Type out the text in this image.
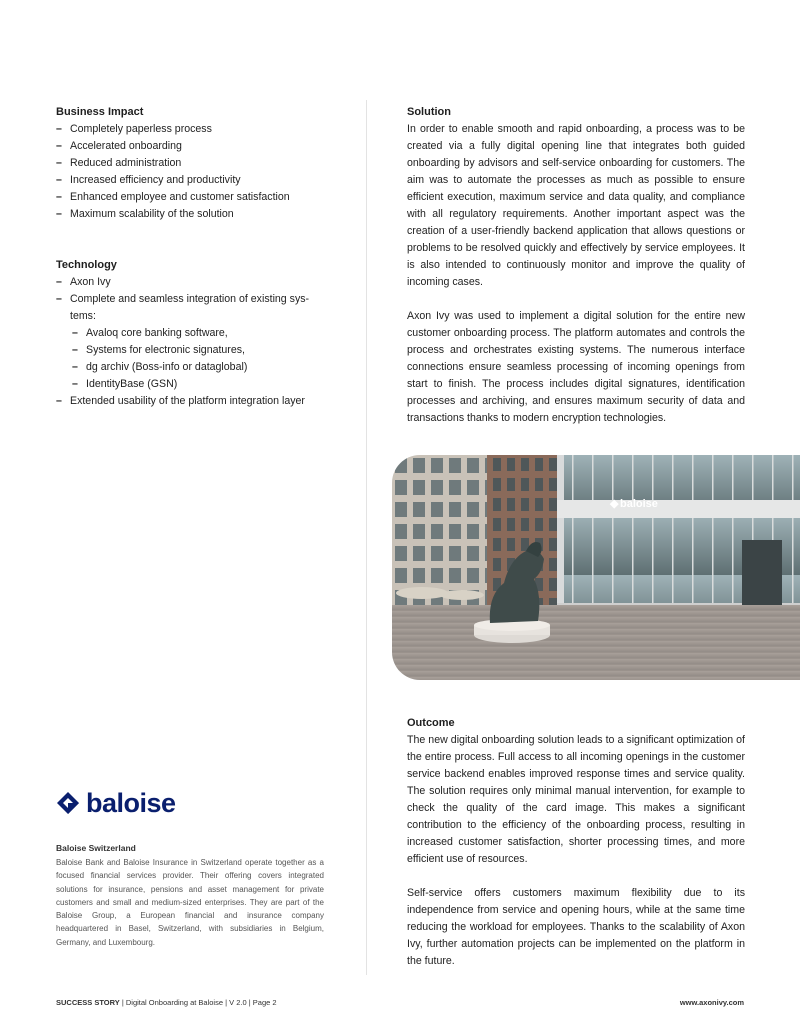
Business Impact

– Completely paperless process
– Accelerated onboarding
– Reduced administration
– Increased efficiency and productivity
– Enhanced employee and customer satisfaction
– Maximum scalability of the solution

Technology

– Axon Ivy
– Complete and seamless integration of existing sys-
tems:
– Avaloq core banking software,
– Systems for electronic signatures,
– dg archiv (Boss-info or dataglobal)
– IdentityBase (GSN)
– Extended usability of the platform integration layer

Solution

In order to enable smooth and rapid onboarding, a process was to be created via a fully digital opening line that integrates both guided onboarding by advisors and self-service onboarding for customers. The aim was to automate the processes as much as possible to ensure efficient execution, maximum service and data quality, and compliance with all regulatory requirements. Another important aspect was the creation of a user-friendly backend application that allows questions or problems to be resolved quickly and effectively by service employees. It is also intended to continuously monitor and improve the quality of incoming cases.

Axon Ivy was used to implement a digital solution for the entire new customer onboarding process. The platform automates and controls the process and orchestrates existing systems. The numerous interface connections ensure seamless processing of incoming openings from start to finish. The process includes digital signatures, identification processes and archiving, and ensures maximum security of data and transactions thanks to modern encryption technologies.

◆ baloise

Outcome

The new digital onboarding solution leads to a significant optimization of the entire process. Full access to all incoming openings in the customer service backend enables improved response times and service quality. The solution requires only minimal manual intervention, for example to check the quality of the card image. This makes a significant contribution to the efficiency of the onboarding process, resulting in increased customer satisfaction, shorter processing times, and more efficient use of resources.

Self-service offers customers maximum flexibility due to its independence from service and opening hours, while at the same time reducing the workload for employees. Thanks to the scalability of Axon Ivy, further automation projects can be implemented on the platform in the future.

baloise
Baloise Switzerland

Baloise Bank and Baloise Insurance in Switzerland operate together as a focused financial services provider. Their offering covers integrated solutions for insurance, pensions and asset management for private customers and small and medium-sized enterprises. They are part of the Baloise Group, a European financial and insurance company headquartered in Basel, Switzerland, with subsidiaries in Belgium, Germany, and Luxembourg.

SUCCESS STORY | Digital Onboarding at Baloise | V 2.0 | Page 2	www.axonivy.com
